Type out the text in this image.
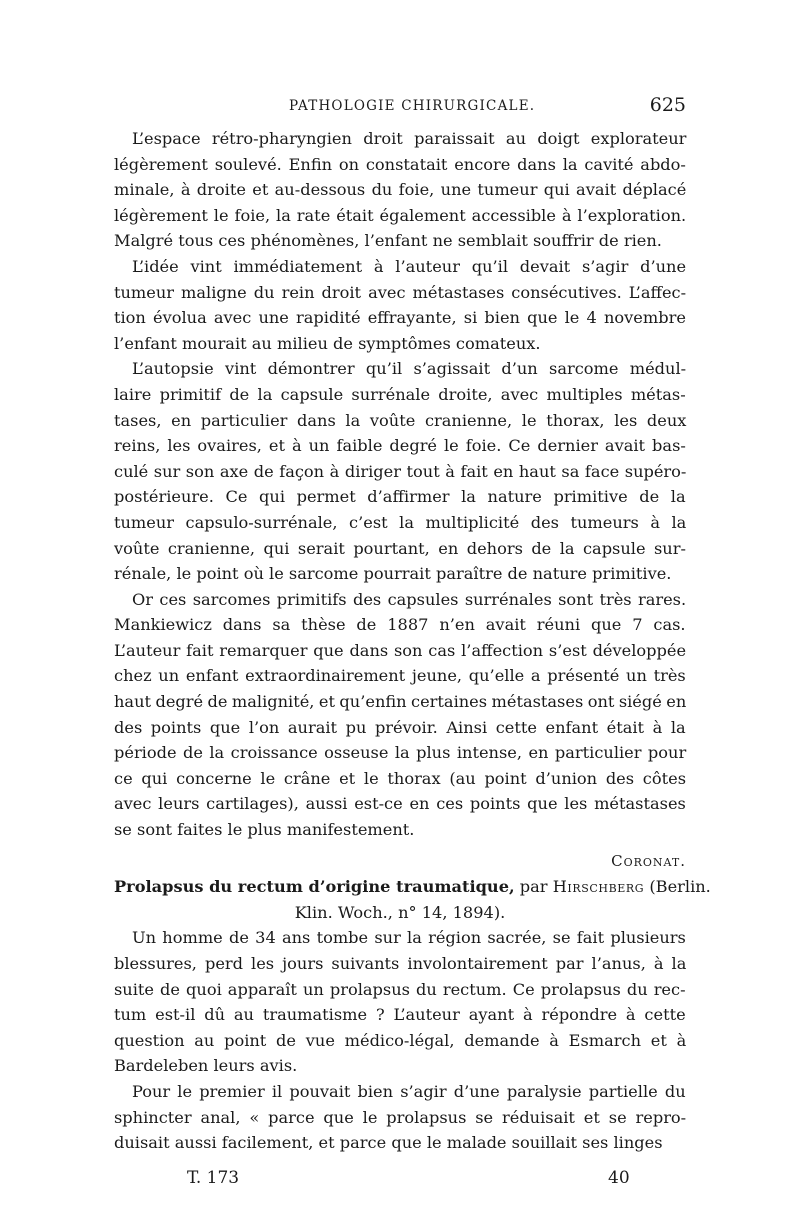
PATHOLOGIE CHIRURGICALE.	625

L’espace rétro-pharyngien droit paraissait au doigt explorateur
légèrement soulevé. Enfin on constatait encore dans la cavité abdo-
minale, à droite et au-dessous du foie, une tumeur qui avait déplacé
légèrement le foie, la rate était également accessible à l’exploration.
Malgré tous ces phénomènes, l’enfant ne semblait souffrir de rien.

L’idée vint immédiatement à l’auteur qu’il devait s’agir d’une
tumeur maligne du rein droit avec métastases consécutives. L’affec-
tion évolua avec une rapidité effrayante, si bien que le 4 novembre
l’enfant mourait au milieu de symptômes comateux.

L’autopsie vint démontrer qu’il s’agissait d’un sarcome médul-
laire primitif de la capsule surrénale droite, avec multiples métas-
tases, en particulier dans la voûte cranienne, le thorax, les deux
reins, les ovaires, et à un faible degré le foie. Ce dernier avait bas-
culé sur son axe de façon à diriger tout à fait en haut sa face supéro-
postérieure. Ce qui permet d’affirmer la nature primitive de la
tumeur capsulo-surrénale, c’est la multiplicité des tumeurs à la
voûte cranienne, qui serait pourtant, en dehors de la capsule sur-
rénale, le point où le sarcome pourrait paraître de nature primitive.

Or ces sarcomes primitifs des capsules surrénales sont très rares.
Mankiewicz dans sa thèse de 1887 n’en avait réuni que 7 cas.
L’auteur fait remarquer que dans son cas l’affection s’est développée
chez un enfant extraordinairement jeune, qu’elle a présenté un très
haut degré de malignité, et qu’enfin certaines métastases ont siégé en
des points que l’on aurait pu prévoir. Ainsi cette enfant était à la
période de la croissance osseuse la plus intense, en particulier pour
ce qui concerne le crâne et le thorax (au point d’union des côtes
avec leurs cartilages), aussi est-ce en ces points que les métastases
se sont faites le plus manifestement.

Coronat.
Prolapsus du rectum d’origine traumatique, par Hirschberg (Berlin.
Klin. Woch., n° 14, 1894).

Un homme de 34 ans tombe sur la région sacrée, se fait plusieurs
blessures, perd les jours suivants involontairement par l’anus, à la
suite de quoi apparaît un prolapsus du rectum. Ce prolapsus du rec-
tum est-il dû au traumatisme ? L’auteur ayant à répondre à cette
question au point de vue médico-légal, demande à Esmarch et à
Bardeleben leurs avis.

Pour le premier il pouvait bien s’agir d’une paralysie partielle du
sphincter anal, « parce que le prolapsus se réduisait et se repro-
duisait aussi facilement, et parce que le malade souillait ses linges

T. 173	40
